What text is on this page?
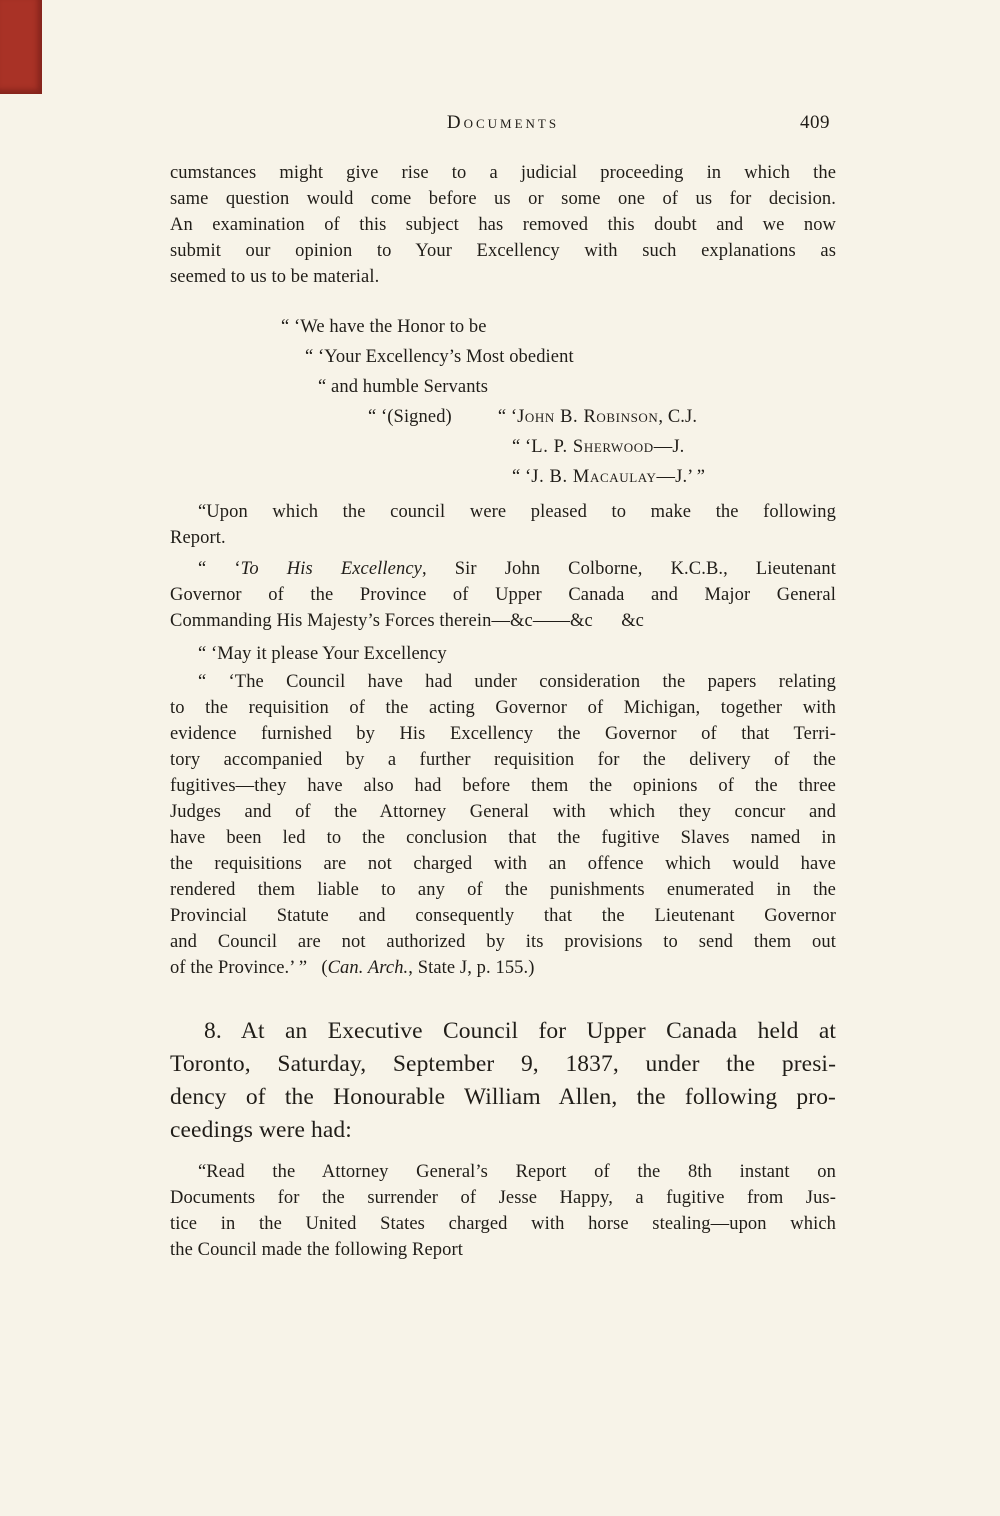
Documents	409
cumstances might give rise to a judicial proceeding in which the
same question would come before us or some one of us for decision.
An examination of this subject has removed this doubt and we now
submit our opinion to Your Excellency with such explanations as
seemed to us to be material.
“ ‘We have the Honor to be
“ ‘Your Excellency’s Most obedient
“ and humble Servants
“ ‘(Signed) “ ‘John B. Robinson, C.J.
“ ‘L. P. Sherwood—J.
“ ‘J. B. Macaulay—J.’ ”
“Upon which the council were pleased to make the following
Report.
“ ‘To His Excellency, Sir John Colborne, K.C.B., Lieutenant
Governor of the Province of Upper Canada and Major General
Commanding His Majesty’s Forces therein—&c——&c      &c
“ ‘May it please Your Excellency
“ ‘The Council have had under consideration the papers relating
to the requisition of the acting Governor of Michigan, together with
evidence furnished by His Excellency the Governor of that Terri-
tory accompanied by a further requisition for the delivery of the
fugitives—they have also had before them the opinions of the three
Judges and of the Attorney General with which they concur and
have been led to the conclusion that the fugitive Slaves named in
the requisitions are not charged with an offence which would have
rendered them liable to any of the punishments enumerated in the
Provincial Statute and consequently that the Lieutenant Governor
and Council are not authorized by its provisions to send them out
of the Province.’ ”   (Can. Arch., State J, p. 155.)
8. At an Executive Council for Upper Canada held at
Toronto, Saturday, September 9, 1837, under the presi-
dency of the Honourable William Allen, the following pro-
ceedings were had:
“Read the Attorney General’s Report of the 8th instant on
Documents for the surrender of Jesse Happy, a fugitive from Jus-
tice in the United States charged with horse stealing—upon which
the Council made the following Report
